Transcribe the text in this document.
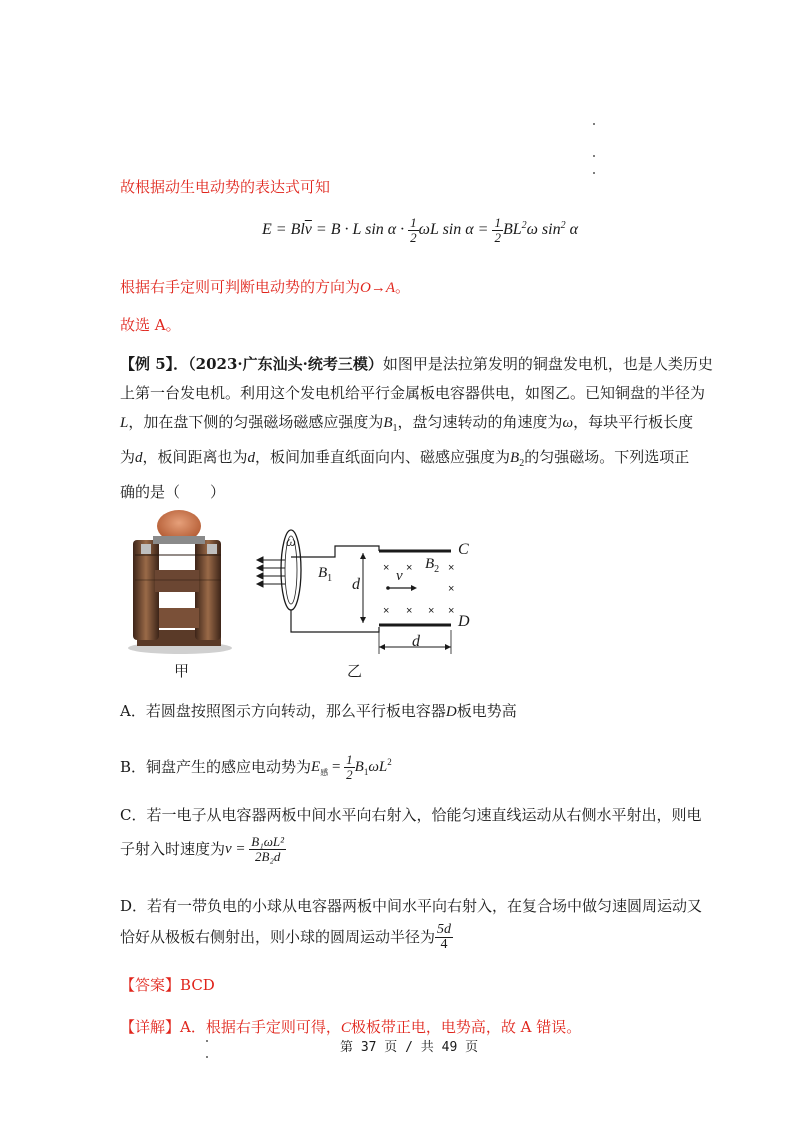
故根据动生电动势的表达式可知
$E = Bl\overline{v} = B \cdot L$ $\sin \alpha \cdot \frac{1}{2}$ ωL $\sin \alpha = \frac{1}{2} BL^2\omega$ $\sin^2 \alpha$
根据右手定则可判断电动势的方向为O→A。
故选 A。
【例 5】．（2023·广东汕头·统考三模）如图甲是法拉第发明的铜盘发电机，也是人类历史
上第一台发电机。利用这个发电机给平行金属板电容器供电，如图乙。已知铜盘的半径为
L，加在盘下侧的匀强磁场磁感应强度为$B_1$，盘匀速转动的角速度为ω，每块平行板长度
为d，板间距离也为d，板间加垂直纸面向内、磁感应强度为$B_2$的匀强磁场。下列选项正
确的是（　　）
甲
× ×	×
×
× × × ×
ω
$B_1$
$B_2$
v
d
d
C
D
乙
A．若圆盘按照图示方向转动，那么平行板电容器D板电势高
B．铜盘产生的感应电动势为$E_感 = \frac{1}{2} B_1\omega L^2$
C．若一电子从电容器两板中间水平向右射入，恰能匀速直线运动从右侧水平射出，则电
子射入时速度为$v = \frac{\text{B₁ωL²}}{\text{2B₂d}}$
D．若有一带负电的小球从电容器两板中间水平向右射入，在复合场中做匀速圆周运动又
恰好从极板右侧射出，则小球的圆周运动半径为 $\frac{5d}{4}$
【答案】BCD
【详解】A．根据右手定则可得，C极板带正电，电势高，故 A 错误。
第 37 页 / 共 49 页
